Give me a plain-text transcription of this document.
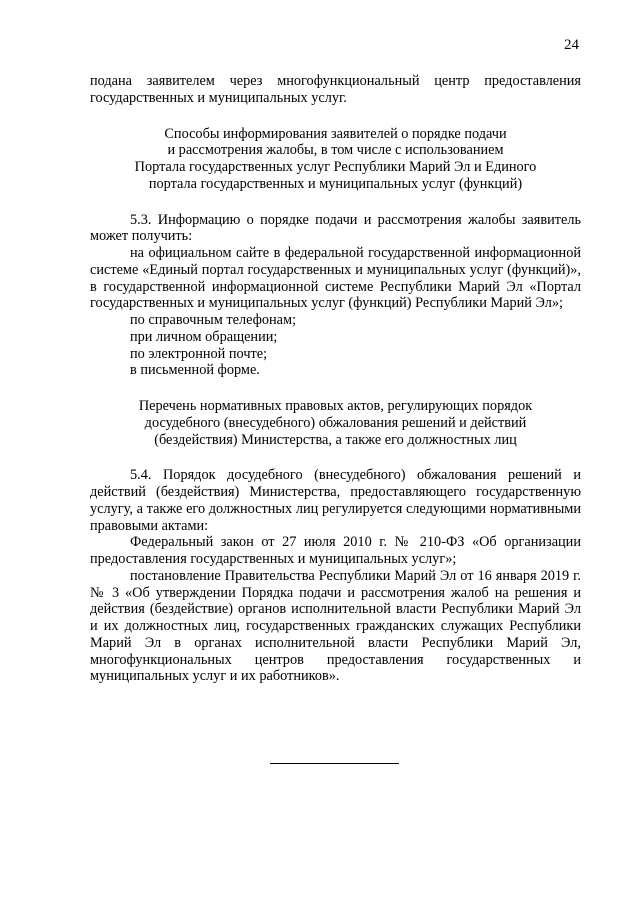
24

подана заявителем через многофункциональный центр предоставления

государственных и муниципальных услуг.

Способы информирования заявителей о порядке подачи

и рассмотрения жалобы, в том числе с использованием

Портала государственных услуг Республики Марий Эл и Единого

портала государственных и муниципальных услуг (функций)

5.3. Информацию о порядке подачи и рассмотрения жалобы заявитель может получить:

на официальном сайте в федеральной государственной информационной системе «Единый портал государственных и муниципальных услуг (функций)», в государственной информационной системе Республики Марий Эл «Портал государственных и муниципальных услуг (функций) Республики Марий Эл»;

по справочным телефонам;

при личном обращении;

по электронной почте;

в письменной форме.

Перечень нормативных правовых актов, регулирующих порядок

досудебного (внесудебного) обжалования решений и действий

(бездействия) Министерства, а также его должностных лиц

5.4. Порядок досудебного (внесудебного) обжалования решений и действий (бездействия) Министерства, предоставляющего государственную услугу, а также его должностных лиц регулируется следующими нормативными правовыми актами:

Федеральный закон от 27 июля 2010 г. № 210-ФЗ «Об организации предоставления государственных и муниципальных услуг»;

постановление Правительства Республики Марий Эл от 16 января 2019 г. № 3 «Об утверждении Порядка подачи и рассмотрения жалоб на решения и действия (бездействие) органов исполнительной власти Республики Марий Эл и их должностных лиц, государственных гражданских служащих Республики Марий Эл в органах исполнительной власти Республики Марий Эл, многофункциональных центров предоставления государственных и муниципальных услуг и их работников».
